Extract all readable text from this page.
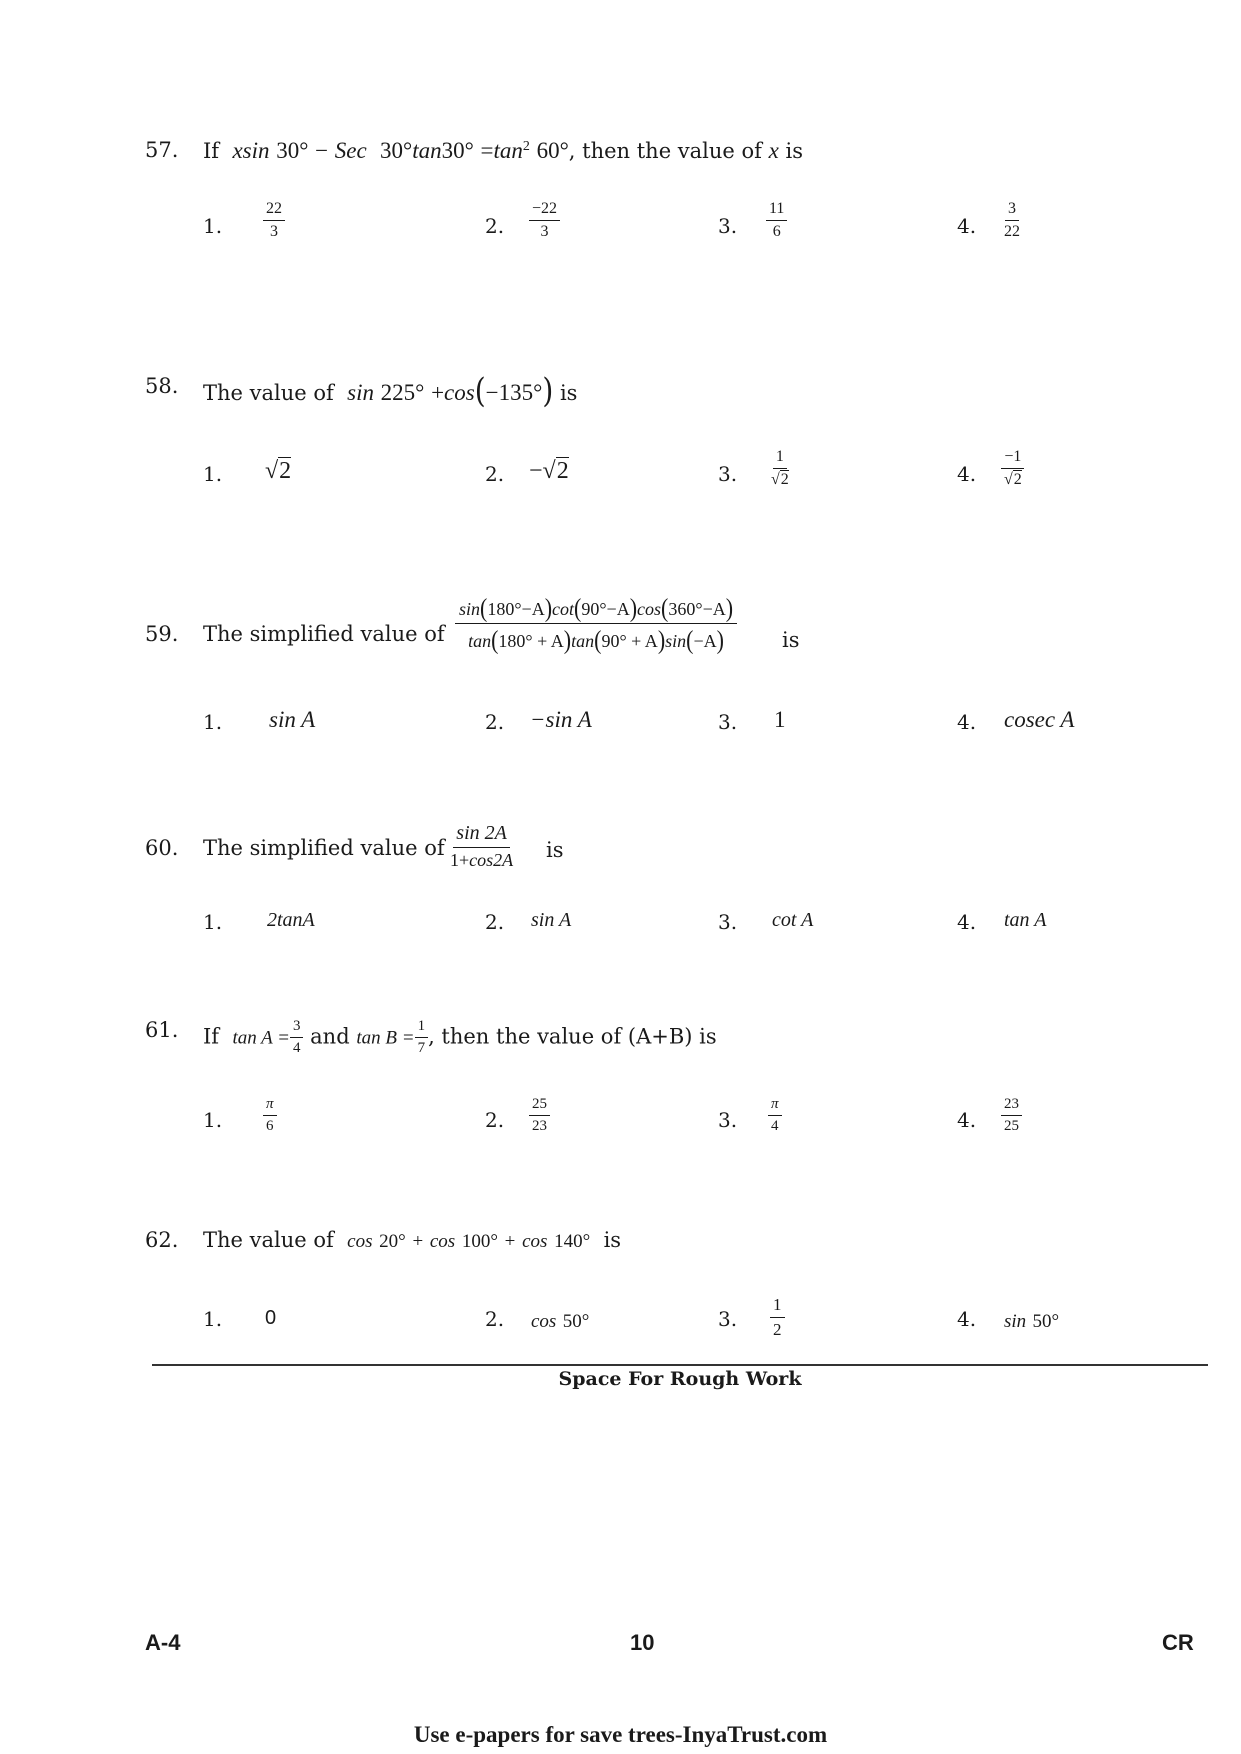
57.	If xsin 30° − Sec $30^\circ\tan 30^\circ =\tan^2$ 60°, then the value of x is
1.	$\frac{22}{3}$	2. $\frac{-22}{3}$	3. $\frac{11}{6}$	4. $\frac{3}{22}$
58.	The value of sin 225° +cos(−135°) is
1. √2	2. −√2	3. $\frac{1}{√2}$	4. $\frac{-1}{√2}$
59.	The simplified value of $\frac{\sin(180^\circ-A)\cot(90^\circ-A)\cos(360^\circ-A)}{\tan(180^\circ + A)\tan(90^\circ + A)\sin(-A)}$ is
1. sin A	2. −sin A	3. 1	4. cosec A
60.	The simplified value of $\frac{\sin 2A}{1+\cos 2A}$ is
1. 2tanA	2. sin A	3. cot A	4. tan A
61.	If $\tan A = \frac{3}{4}$ and $\tan B = \frac{1}{7}$ , then the value of (A+B) is
1.	$\frac{\pi}{6}$	2. $\frac{25}{23}$	3. $\frac{\pi}{4}$	4. $\frac{23}{25}$
62.	The value of cos 20° + cos 100° + cos 140° is
1. 0	2. cos 50°	3. $\frac{1}{2}$	4. sin 50°
Space For Rough Work
A-4	10	CR
Use e-papers for save trees-InyaTrust.com
